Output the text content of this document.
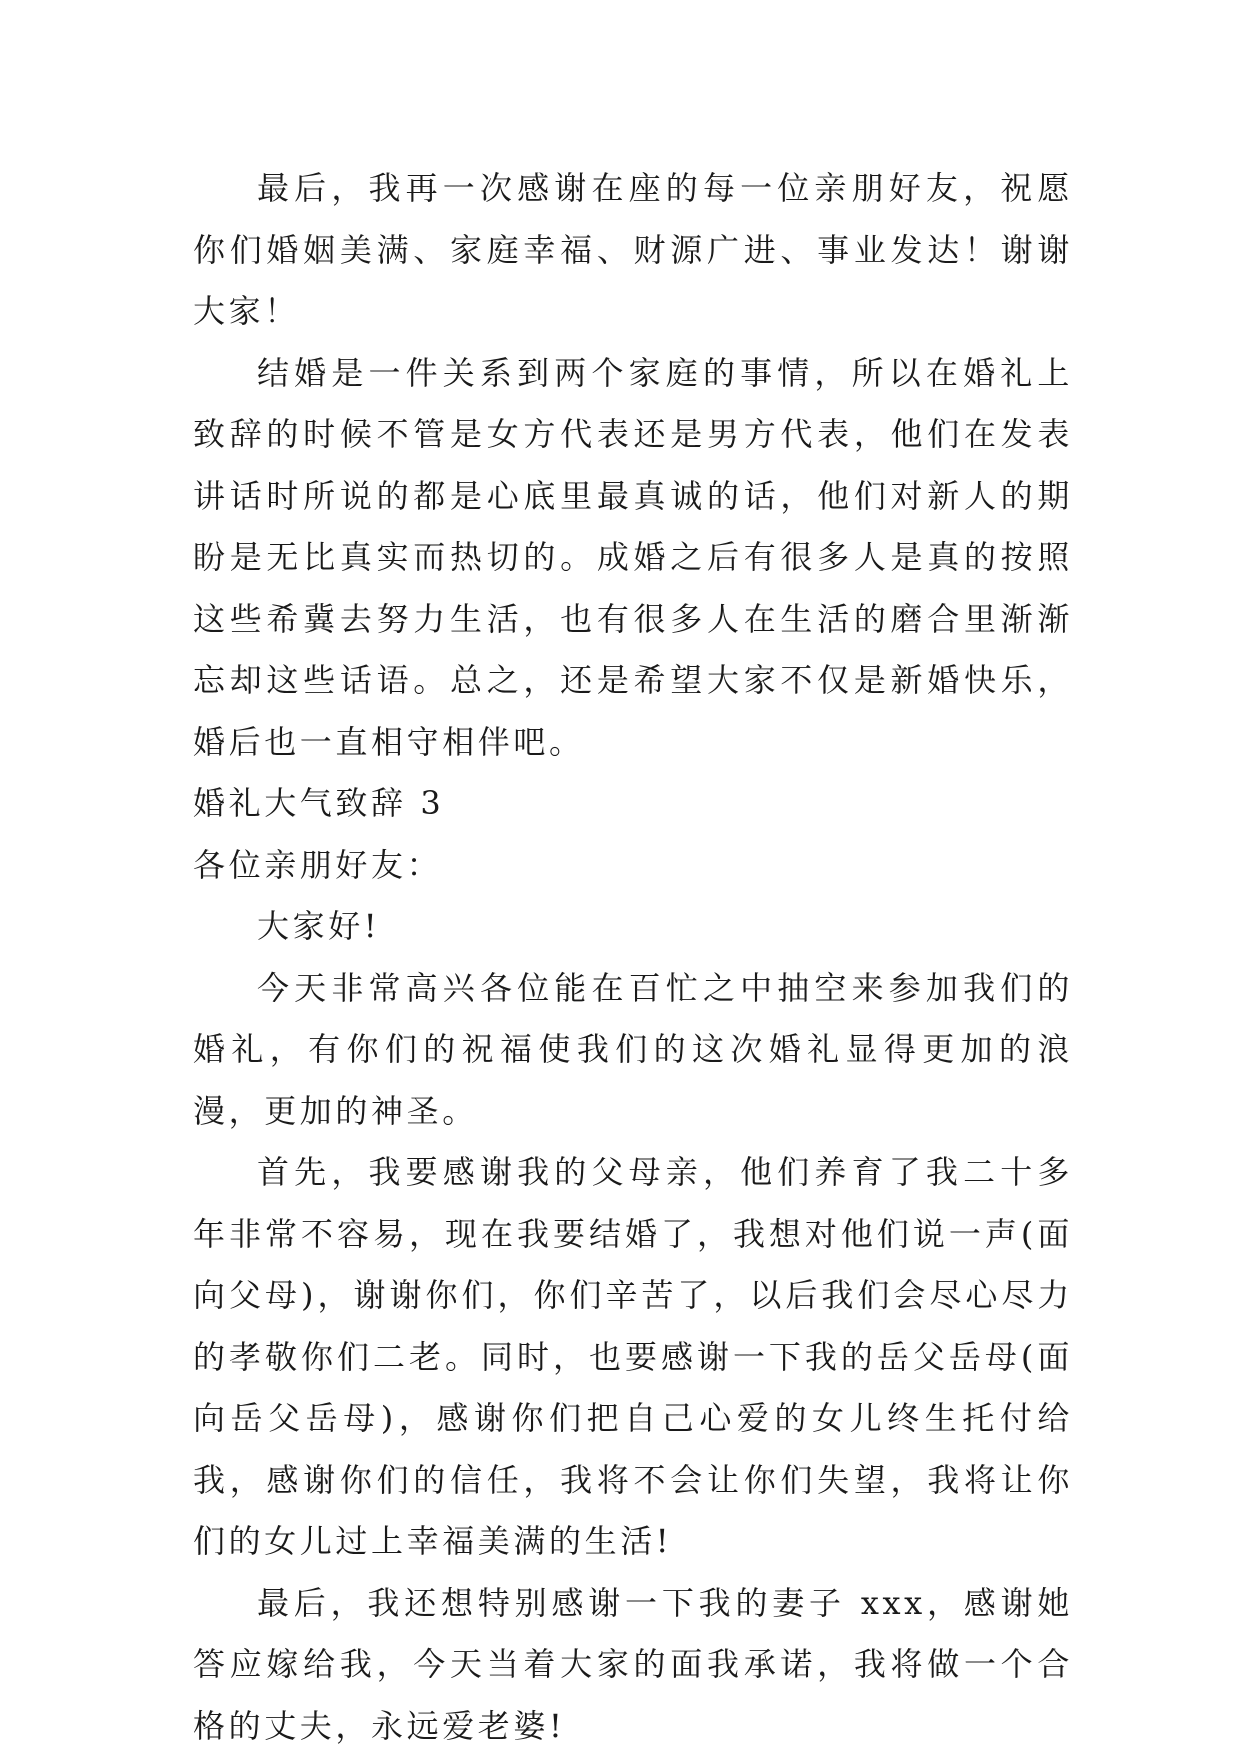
最后，我再一次感谢在座的每一位亲朋好友，祝愿你们婚姻美满、家庭幸福、财源广进、事业发达！谢谢大家！

结婚是一件关系到两个家庭的事情，所以在婚礼上致辞的时候不管是女方代表还是男方代表，他们在发表讲话时所说的都是心底里最真诚的话，他们对新人的期盼是无比真实而热切的。成婚之后有很多人是真的按照这些希冀去努力生活，也有很多人在生活的磨合里渐渐忘却这些话语。总之，还是希望大家不仅是新婚快乐，婚后也一直相守相伴吧。

婚礼大气致辞 3

各位亲朋好友：

大家好!

今天非常高兴各位能在百忙之中抽空来参加我们的婚礼，有你们的祝福使我们的这次婚礼显得更加的浪漫，更加的神圣。

首先，我要感谢我的父母亲，他们养育了我二十多年非常不容易，现在我要结婚了，我想对他们说一声(面向父母)，谢谢你们，你们辛苦了，以后我们会尽心尽力的孝敬你们二老。同时，也要感谢一下我的岳父岳母(面向岳父岳母)，感谢你们把自己心爱的女儿终生托付给我，感谢你们的信任，我将不会让你们失望，我将让你们的女儿过上幸福美满的生活!

最后，我还想特别感谢一下我的妻子 xxx，感谢她答应嫁给我，今天当着大家的面我承诺，我将做一个合格的丈夫，永远爱老婆!
